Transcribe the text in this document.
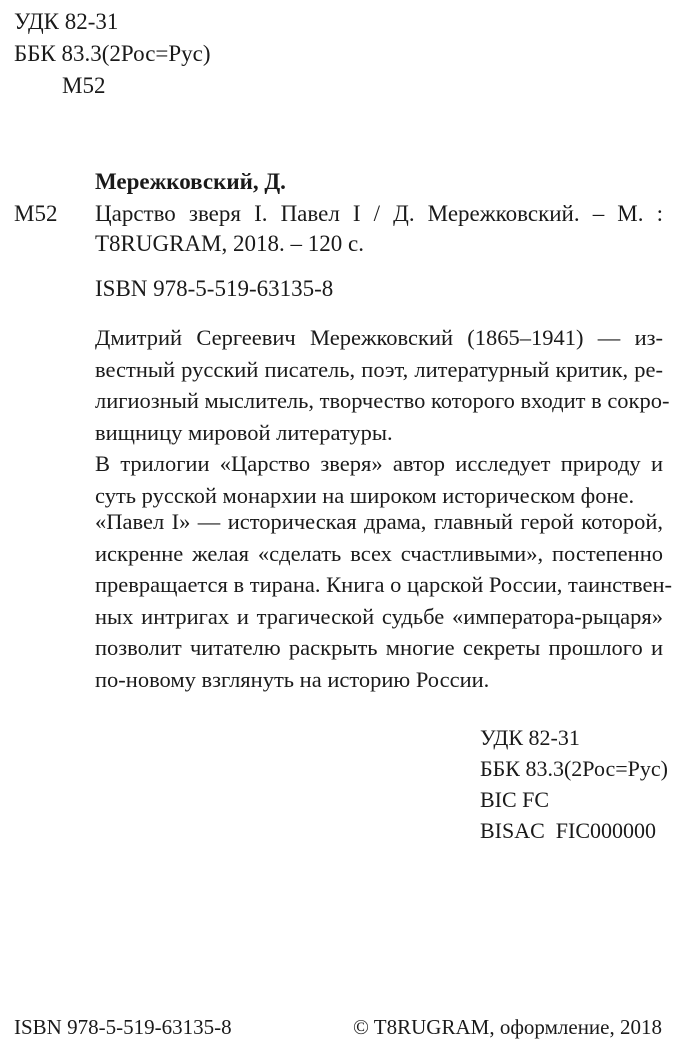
УДК 82-31
ББК 83.3(2Рос=Рус)
М52
Мережковский, Д.
М52 Царство зверя I. Павел I / Д. Мережковский. – М. :
T8RUGRAM, 2018. – 120 с.
ISBN 978-5-519-63135-8
Дмитрий Сергеевич Мережковский (1865–1941) — из-
вестный русский писатель, поэт, литературный критик, ре-
лигиозный мыслитель, творчество которого входит в сокро-
вищницу мировой литературы.
В трилогии «Царство зверя» автор исследует природу и
суть русской монархии на широком историческом фоне.
«Павел I» — историческая драма, главный герой которой,
искренне желая «сделать всех счастливыми», постепенно
превращается в тирана. Книга о царской России, таинствен-
ных интригах и трагической судьбе «императора-рыцаря»
позволит читателю раскрыть многие секреты прошлого и
по-новому взглянуть на историю России.
УДК 82-31
ББК 83.3(2Рос=Рус)
BIC FC
BISAC  FIC000000
ISBN 978-5-519-63135-8	© T8RUGRAM, оформление, 2018
